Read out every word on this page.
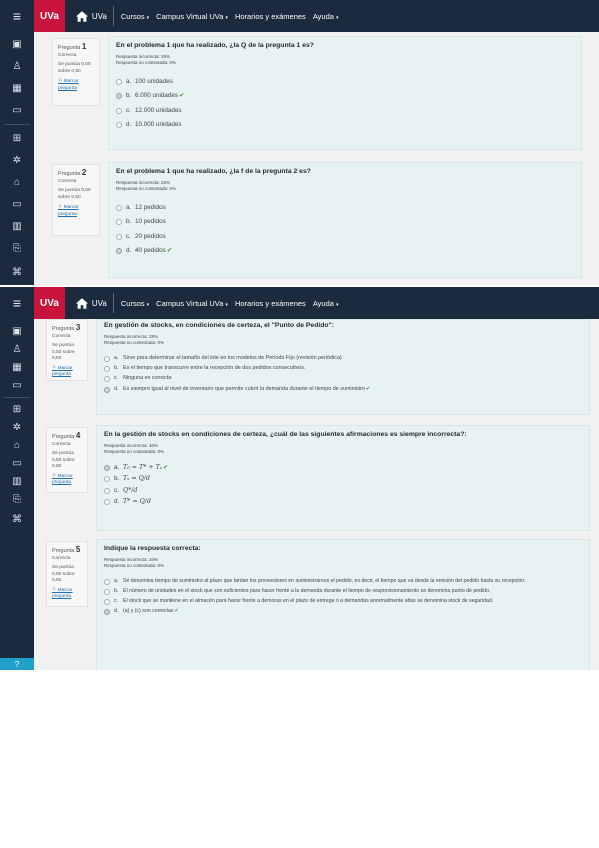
≡	UVa	UVa Cursos ▾ Campus Virtual UVa ▾ Horarios y exámenes Ayuda ▾
▣
♙
▦
▭
⊞
✲
⌂
▭
▥
⎘
⌘
Pregunta 1
Correcta
Se puntúa 0,50 sobre 0,50
⚐ Marcar pregunta
En el problema 1 que ha realizado, ¿la Q de la pregunta 1 es?
Respuesta incorrecta: 26%
Respuesta no contestada: 0%
a. 100 unidades
b. 6.000 unidades✔
c. 12.000 unidades
d. 10.000 unidades
Pregunta 2
Correcta
Se puntúa 0,50 sobre 0,50
⚐ Marcar pregunta
En el problema 1 que ha realizado, ¿la f de la pregunta 2 es?
Respuesta incorrecta: 25%
Respuesta no contestada: 0%
a. 12 pedidos
b. 10 pedidos
c. 20 pedidos
d. 40 pedidos✔
≡	UVa	UVa Cursos ▾ Campus Virtual UVa ▾ Horarios y exámenes Ayuda ▾
▣
♙
▦
▭
⊞
✲
⌂
▭
▥
⎘
⌘
?
Pregunta 3
Correcta
Se puntúa 0,50 sobre 0,50
⚐ Marcar pregunta
En gestión de stocks, en condiciones de certeza, el "Punto de Pedido":
Respuesta incorrecta: 28%
Respuesta no contestada: 0%
a. Sirve para determinar el tamaño del lote en los modelos de Período Fijo (revisión periódica)
b. Es el tiempo que transcurre entre la recepción de dos pedidos consecutivos.
c. Ninguna es correcta
d. Es siempre igual al nivel de inventario que permite cubrir la demanda durante el tiempo de suministro✔
Pregunta 4
Correcta
Se puntúa 0,50 sobre 0,50
⚐ Marcar pregunta
En la gestión de stocks en condiciones de certeza, ¿cuál de las siguientes afirmaciones es siempre incorrecta?:
Respuesta incorrecta: 40%
Respuesta no contestada: 0%
a. T₀ = T* + Tₛ✔
b. Tₛ = Q/d
c. Q*/d
d. T* = Q/d
Pregunta 5
Correcta
Se puntúa 0,50 sobre 0,50
⚐ Marcar pregunta
Indique la respuesta correcta:
Respuesta incorrecta: 34%
Respuesta no contestada: 0%
a. Se denomina tiempo de suministro al plazo que tardan los proveedores en suministrarnos el pedido, es decir, el tiempo que va desde la emisión del pedido hasta su recepción.
b. El número de unidades en el stock que son suficientes para hacer frente a la demanda durante el tiempo de reaprovisionamiento se denomina punto de pedido.
c. El stock que se mantiene en el almacén para hacer frente a demoras en el plazo de entrega o a demandas anormalmente altas se denomina stock de seguridad.
d. (a) y (c) son correctas✔
